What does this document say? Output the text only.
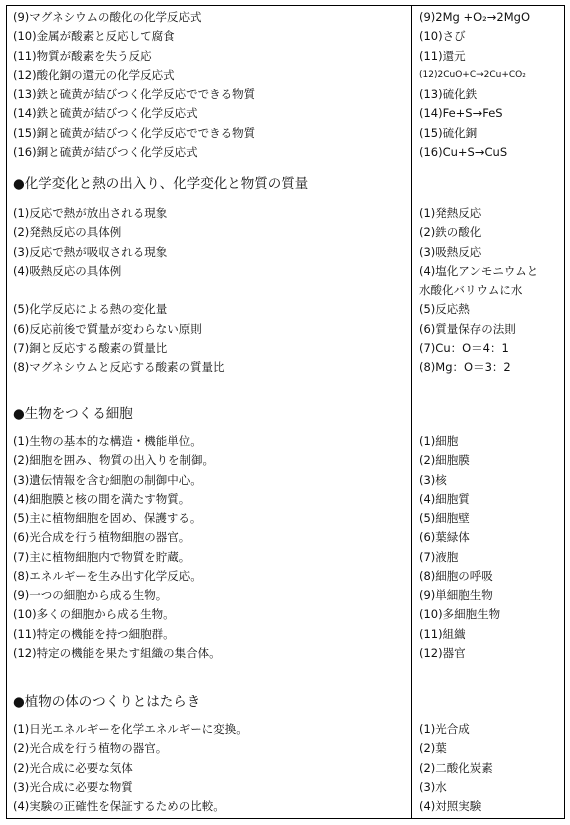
(9)マグネシウムの酸化の化学反応式	(9)2Mg +O₂→2MgO
(10)金属が酸素と反応して腐食	(10)さび
(11)物質が酸素を失う反応	(11)還元
(12)酸化銅の還元の化学反応式	(12)2CuO+C→2Cu+CO₂
(13)鉄と硫黄が結びつく化学反応でできる物質	(13)硫化鉄
(14)鉄と硫黄が結びつく化学反応式	(14)Fe+S→FeS
(15)銅と硫黄が結びつく化学反応でできる物質	(15)硫化銅
(16)銅と硫黄が結びつく化学反応式	(16)Cu+S→CuS
●化学変化と熱の出入り、化学変化と物質の質量
(1)反応で熱が放出される現象	(1)発熱反応
(2)発熱反応の具体例	(2)鉄の酸化
(3)反応で熱が吸収される現象	(3)吸熱反応
(4)吸熱反応の具体例	(4)塩化アンモニウムと
水酸化バリウムに水
(5)化学反応による熱の変化量	(5)反応熱
(6)反応前後で質量が変わらない原則	(6)質量保存の法則
(7)銅と反応する酸素の質量比	(7)Cu：O＝4：1
(8)マグネシウムと反応する酸素の質量比	(8)Mg：O＝3：2
●生物をつくる細胞
(1)生物の基本的な構造・機能単位。	(1)細胞
(2)細胞を囲み、物質の出入りを制御。	(2)細胞膜
(3)遺伝情報を含む細胞の制御中心。	(3)核
(4)細胞膜と核の間を満たす物質。	(4)細胞質
(5)主に植物細胞を固め、保護する。	(5)細胞壁
(6)光合成を行う植物細胞の器官。	(6)葉緑体
(7)主に植物細胞内で物質を貯蔵。	(7)液胞
(8)エネルギーを生み出す化学反応。	(8)細胞の呼吸
(9)一つの細胞から成る生物。	(9)単細胞生物
(10)多くの細胞から成る生物。	(10)多細胞生物
(11)特定の機能を持つ細胞群。	(11)組織
(12)特定の機能を果たす組織の集合体。	(12)器官
●植物の体のつくりとはたらき
(1)日光エネルギーを化学エネルギーに変換。	(1)光合成
(2)光合成を行う植物の器官。	(2)葉
(2)光合成に必要な気体	(2)二酸化炭素
(3)光合成に必要な物質	(3)水
(4)実験の正確性を保証するための比較。	(4)対照実験
